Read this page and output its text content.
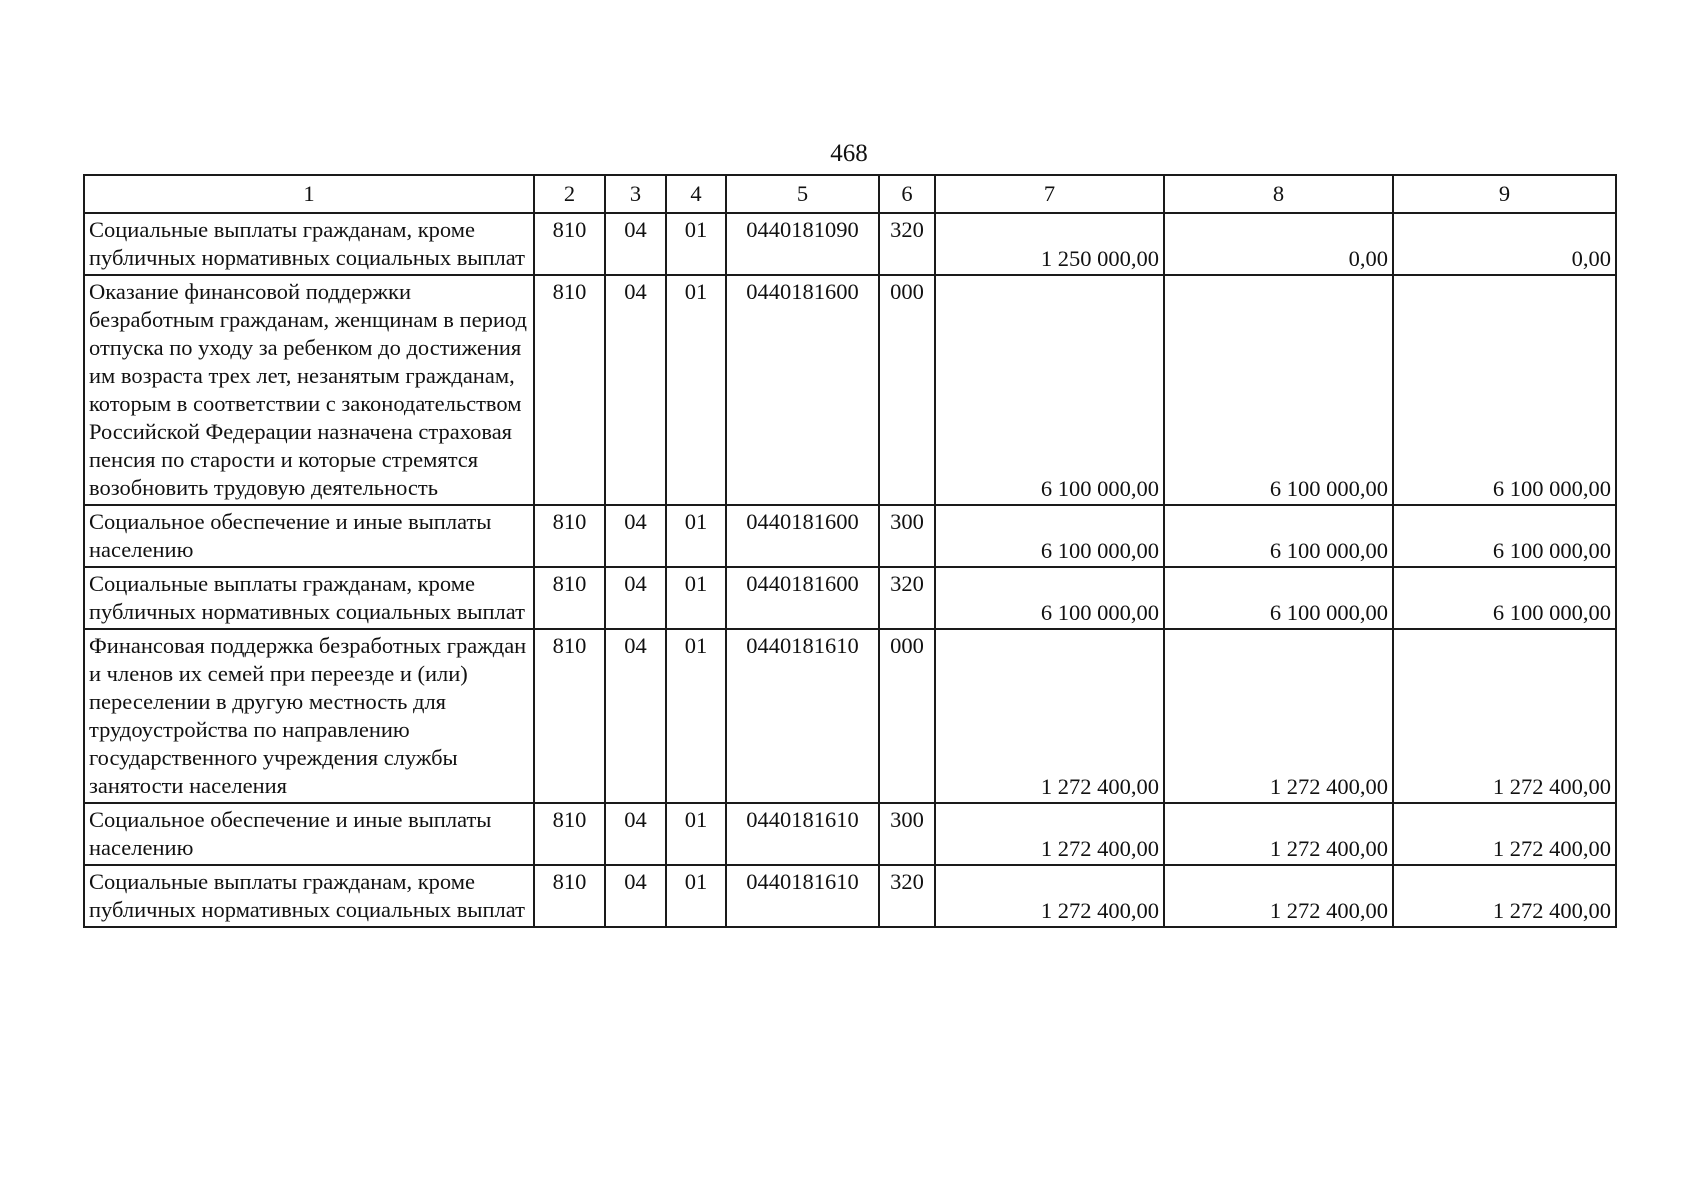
468
1	2	3	4	5	6	7	8	9
Социальные выплаты гражданам, кроме публичных нормативных социальных выплат	810	04	01	0440181090	320	1 250 000,00	0,00	0,00
Оказание финансовой поддержки безработным гражданам, женщинам в период отпуска по уходу за ребенком до достижения им возраста трех лет, незанятым гражданам, которым в соответствии с законодательством Российской Федерации назначена страховая пенсия по старости и которые стремятся возобновить трудовую деятельность	810	04	01	0440181600	000	6 100 000,00	6 100 000,00	6 100 000,00
Социальное обеспечение и иные выплаты населению	810	04	01	0440181600	300	6 100 000,00	6 100 000,00	6 100 000,00
Социальные выплаты гражданам, кроме публичных нормативных социальных выплат	810	04	01	0440181600	320	6 100 000,00	6 100 000,00	6 100 000,00
Финансовая поддержка безработных граждан и членов их семей при переезде и (или) переселении в другую местность для трудоустройства по направлению государственного учреждения службы занятости населения	810	04	01	0440181610	000	1 272 400,00	1 272 400,00	1 272 400,00
Социальное обеспечение и иные выплаты населению	810	04	01	0440181610	300	1 272 400,00	1 272 400,00	1 272 400,00
Социальные выплаты гражданам, кроме публичных нормативных социальных выплат	810	04	01	0440181610	320	1 272 400,00	1 272 400,00	1 272 400,00
